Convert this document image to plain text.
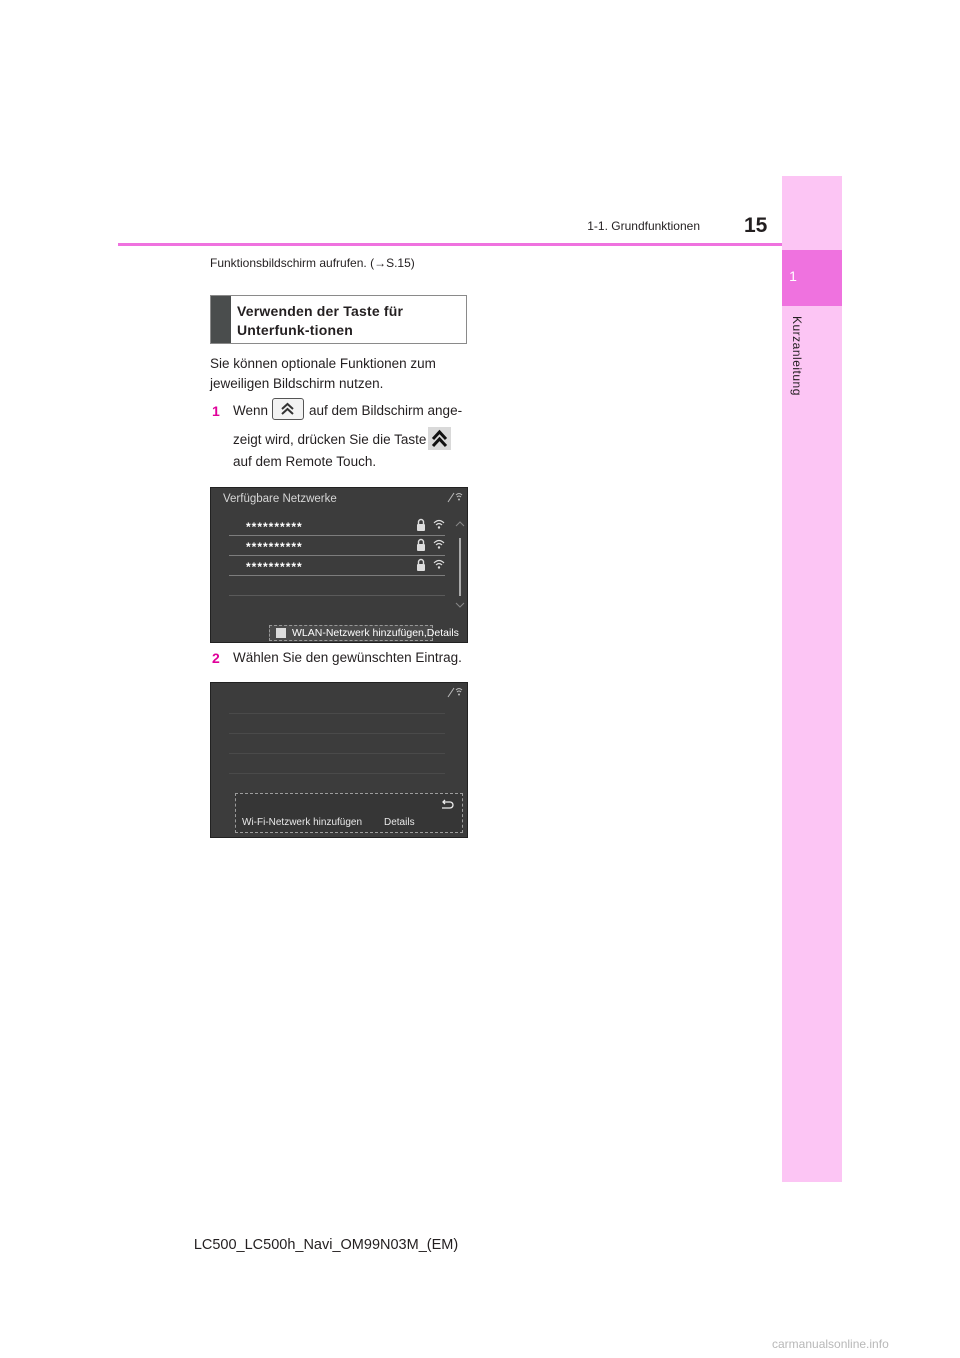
1
Kurzanleitung
1-1. Grundfunktionen 15
Funktionsbildschirm aufrufen. (→S.15)
Verwenden der Taste für Unterfunk-tionen
Sie können optionale Funktionen zum jeweiligen Bildschirm nutzen.
1 Wenn	auf dem Bildschirm ange-
zeigt wird, drücken Sie die Taste
auf dem Remote Touch.
Verfügbare Netzwerke
**********
**********
**********
WLAN-Netzwerk hinzufügen,Details
2 Wählen Sie den gewünschten Eintrag.
Wi-Fi-Netzwerk hinzufügen Details
LC500_LC500h_Navi_OM99N03M_(EM)
carmanualsonline.info
